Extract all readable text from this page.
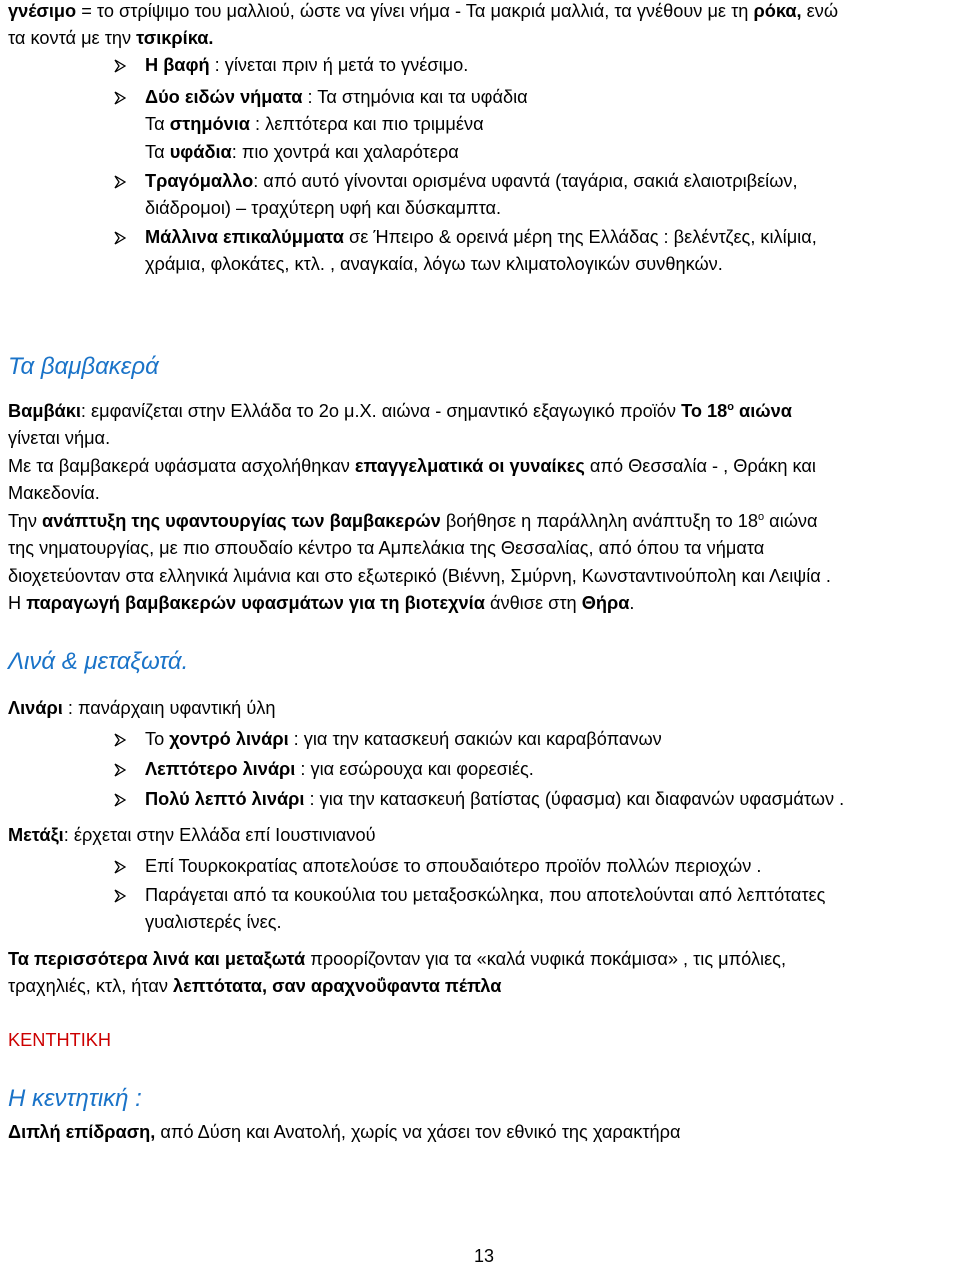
γνέσιμο = το στρίψιμο του μαλλιού, ώστε να γίνει νήμα - Τα μακριά μαλλιά, τα γνέθουν με τη ρόκα, ενώ

τα κοντά με την τσικρίκα.

Η βαφή : γίνεται πριν ή μετά το γνέσιμο.

Δύο ειδών νήματα : Τα στημόνια και τα υφάδια

Τα στημόνια : λεπτότερα και πιο τριμμένα

Τα υφάδια: πιο χοντρά και χαλαρότερα

Τραγόμαλλο: από αυτό γίνονται ορισμένα υφαντά (ταγάρια, σακιά ελαιοτριβείων,

διάδρομοι) – τραχύτερη υφή και δύσκαμπτα.

Μάλλινα επικαλύμματα σε Ήπειρο & ορεινά μέρη της Ελλάδας : βελέντζες, κιλίμια,

χράμια, φλοκάτες, κτλ. , αναγκαία, λόγω των κλιματολογικών συνθηκών.

Τα βαμβακερά

Βαμβάκι: εμφανίζεται στην Ελλάδα το 2ο μ.Χ. αιώνα - σημαντικό εξαγωγικό προϊόν Το $18^o$ αιώνα

γίνεται νήμα.

Με τα βαμβακερά υφάσματα ασχολήθηκαν επαγγελματικά οι γυναίκες από Θεσσαλία - , Θράκη και

Μακεδονία.

Την ανάπτυξη της υφαντουργίας των βαμβακερών βοήθησε η παράλληλη ανάπτυξη το $18^o$ αιώνα

της νηματουργίας, με πιο σπουδαίο κέντρο τα Αμπελάκια της Θεσσαλίας, από όπου τα νήματα

διοχετεύονταν στα ελληνικά λιμάνια και στο εξωτερικό (Βιέννη, Σμύρνη, Κωνσταντινούπολη και Λειψία .

Η παραγωγή βαμβακερών υφασμάτων για τη βιοτεχνία άνθισε στη Θήρα.

Λινά & μεταξωτά.

Λινάρι : πανάρχαιη υφαντική ύλη

Το χοντρό λινάρι : για την κατασκευή σακιών και καραβόπανων

Λεπτότερο λινάρι : για εσώρουχα και φορεσιές.

Πολύ λεπτό λινάρι : για την κατασκευή βατίστας (ύφασμα) και διαφανών υφασμάτων .

Μετάξι: έρχεται στην Ελλάδα επί Ιουστινιανού

Επί Τουρκοκρατίας αποτελούσε το σπουδαιότερο προϊόν πολλών περιοχών .

Παράγεται από τα κουκούλια του μεταξοσκώληκα, που αποτελούνται από λεπτότατες

γυαλιστερές ίνες.

Τα περισσότερα λινά και μεταξωτά προορίζονταν για τα «καλά νυφικά ποκάμισα» , τις μπόλιες,

τραχηλιές, κτλ, ήταν λεπτότατα, σαν αραχνοΰφαντα πέπλα

ΚΕΝΤΗΤΙΚΗ

Η κεντητική :

Διπλή επίδραση, από Δύση και Ανατολή, χωρίς να χάσει τον εθνικό της χαρακτήρα

13
